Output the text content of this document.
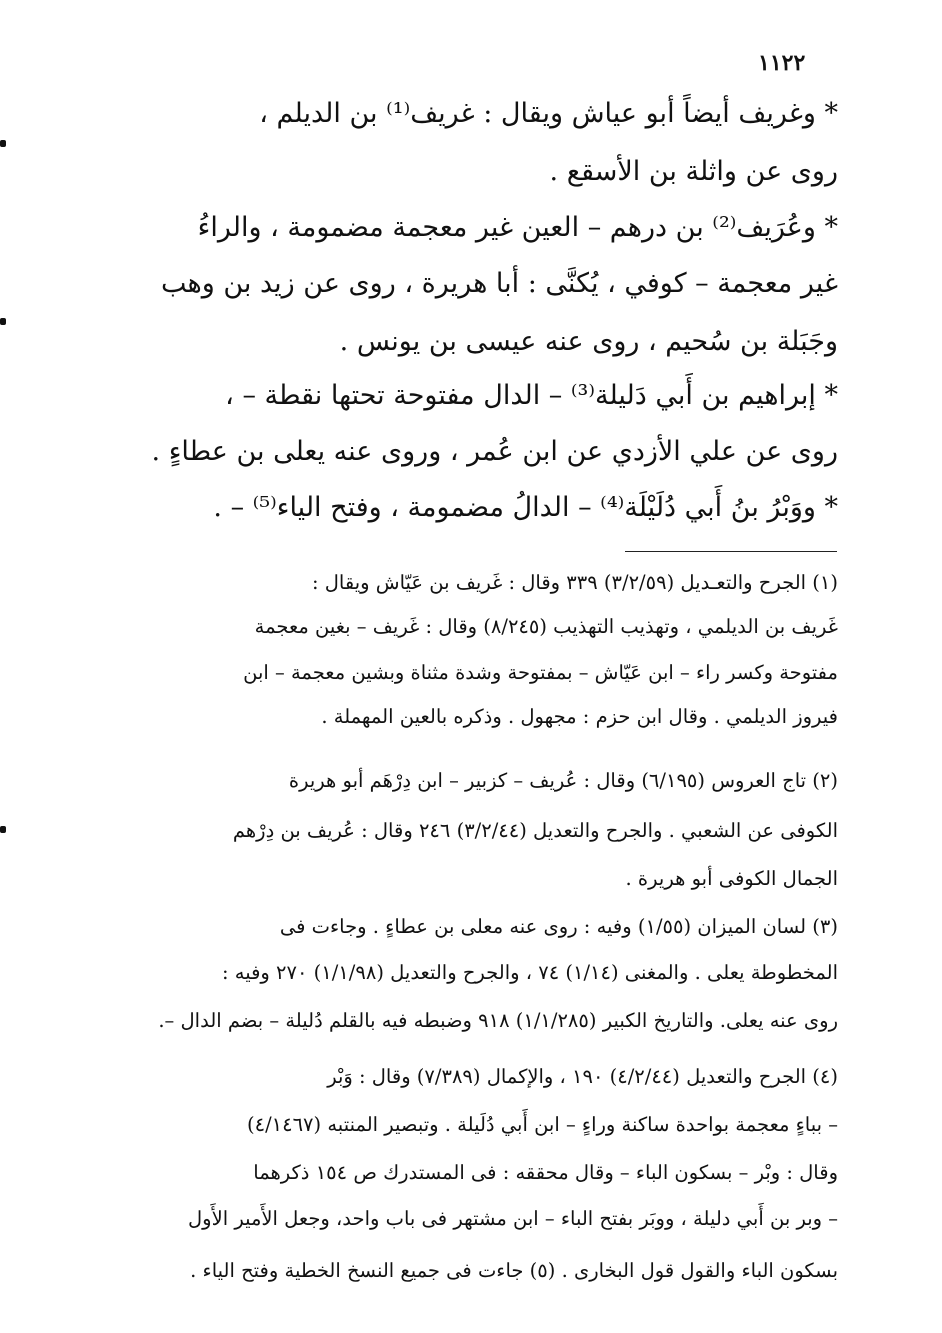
١١٢٢
* وغريف أيضاً أبو عياش ويقال : غريف⁽¹⁾ بن الديلم ،
روى عن واثلة بن الأسقع .
* وعُرَيف⁽²⁾ بن درهم – العين غير معجمة مضمومة ، والراءُ
غير معجمة – كوفي ، يُكنَّى : أبا هريرة ، روى عن زيد بن وهب
وجَبَلة بن سُحيم ، روى عنه عيسى بن يونس .
* إبراهيم بن أَبي دَليلة⁽³⁾ – الدال مفتوحة تحتها نقطة – ،
روى عن علي الأزدي عن ابن عُمر ، وروى عنه يعلى بن عطاءٍ .
* ووَبْرُ بنُ أَبي دُلَيْلَة⁽⁴⁾ – الدالُ مضمومة ، وفتح الياء⁽⁵⁾ – .
(١) الجرح والتعـديل (٣/٢/٥٩) ٣٣٩ وقال : غَريف بن عَيّاش ويقال :
غَريف بن الديلمي ، وتهذيب التهذيب (٨/٢٤٥) وقال : غَريف – بغين معجمة
مفتوحة وكسر راء – ابن عَيّاش – بمفتوحة وشدة مثناة وبشين معجمة – ابن
فيروز الديلمي . وقال ابن حزم : مجهول . وذكره بالعين المهملة .
(٢) تاج العروس (٦/١٩٥) وقال : عُريف – كزبير – ابن دِرْهَم أبو هريرة
الكوفى عن الشعبي . والجرح والتعديل (٣/٢/٤٤) ٢٤٦ وقال : عُريف بن دِرْهم
الجمال الكوفى أبو هريرة .
(٣) لسان الميزان (١/٥٥) وفيه : روى عنه معلى بن عطاءٍ . وجاءت فى
المخطوطة يعلى . والمغنى (١/١٤) ٧٤ ، والجرح والتعديل (١/١/٩٨) ٢٧٠ وفيه :
روى عنه يعلى. والتاريخ الكبير (١/١/٢٨٥) ٩١٨ وضبطه فيه بالقلم دُليلة – بضم الدال –.
(٤) الجرح والتعديل (٤/٢/٤٤) ١٩٠ ، والإكمال (٧/٣٨٩) وقال : وَبْر
– بباءٍ معجمة بواحدة ساكنة وراءٍ – ابن أَبي دُلَيلة . وتبصير المنتبه (٤/١٤٦٧)
وقال : وبْر – بسكون الباء – وقال محققه : فى المستدرك ص ١٥٤ ذكرهما
– وبر بن أَبي دليلة ، ووبَر بفتح الباء – ابن مشتهر فى باب واحد، وجعل الأَمير الأَول
بسكون الباء والقول قول البخارى . (٥) جاءت فى جميع النسخ الخطية وفتح الياء .
